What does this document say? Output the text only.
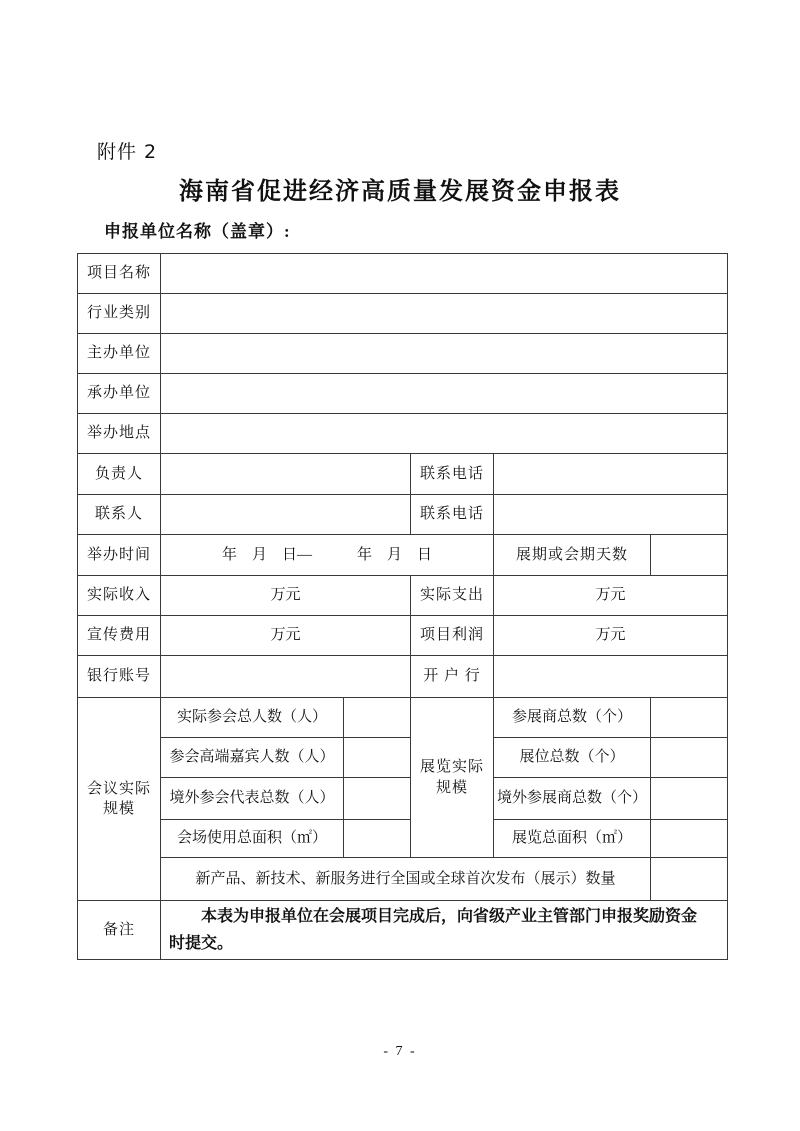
附件 2
海南省促进经济高质量发展资金申报表
申报单位名称（盖章）:
项目名称					
行业类别					
主办单位					
承办单位					
举办地点					
负责人			联系电话		
联系人			联系电话		
举办时间	年　月　日—　　　年　月　日			展期或会期天数	
实际收入	万元		实际支出	万元	
宣传费用	万元		项目利润	万元	
银行账号			开 户 行		
会议实际规模	实际参会总人数（人）		展览实际规模	参展商总数（个）	
	参会高端嘉宾人数（人）			展位总数（个）	
	境外参会代表总数（人）			境外参展商总数（个）	
	会场使用总面积（㎡）			展览总面积（㎡）	
	新产品、新技术、新服务进行全国或全球首次发布（展示）数量				
备注	本表为申报单位在会展项目完成后，向省级产业主管部门申报奖励资金时提交。				
- 7 -
